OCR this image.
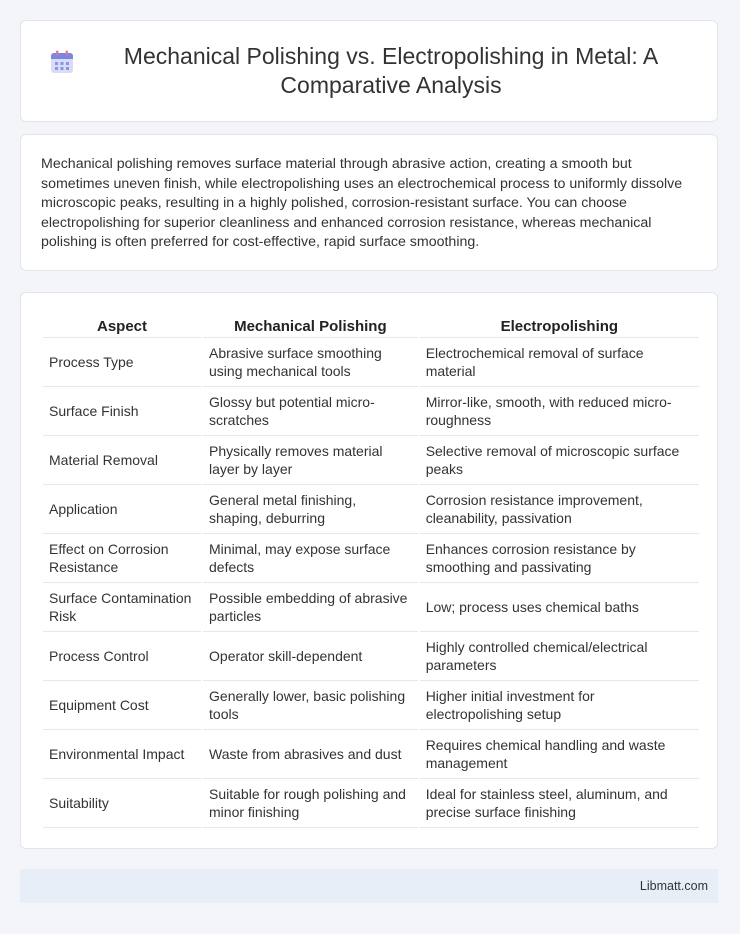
Mechanical Polishing vs. Electropolishing in Metal: A Comparative Analysis

Mechanical polishing removes surface material through abrasive action, creating a smooth but sometimes uneven finish, while electropolishing uses an electrochemical process to uniformly dissolve microscopic peaks, resulting in a highly polished, corrosion-resistant surface. You can choose electropolishing for superior cleanliness and enhanced corrosion resistance, whereas mechanical polishing is often preferred for cost-effective, rapid surface smoothing.

Aspect	Mechanical Polishing	Electropolishing
Process Type	Abrasive surface smoothing using mechanical tools	Electrochemical removal of surface material
Surface Finish	Glossy but potential micro-scratches	Mirror-like, smooth, with reduced micro-roughness
Material Removal	Physically removes material layer by layer	Selective removal of microscopic surface peaks
Application	General metal finishing, shaping, deburring	Corrosion resistance improvement, cleanability, passivation
Effect on Corrosion Resistance	Minimal, may expose surface defects	Enhances corrosion resistance by smoothing and passivating
Surface Contamination Risk	Possible embedding of abrasive particles	Low; process uses chemical baths
Process Control	Operator skill-dependent	Highly controlled chemical/electrical parameters
Equipment Cost	Generally lower, basic polishing tools	Higher initial investment for electropolishing setup
Environmental Impact	Waste from abrasives and dust	Requires chemical handling and waste management
Suitability	Suitable for rough polishing and minor finishing	Ideal for stainless steel, aluminum, and precise surface finishing
Libmatt.com
